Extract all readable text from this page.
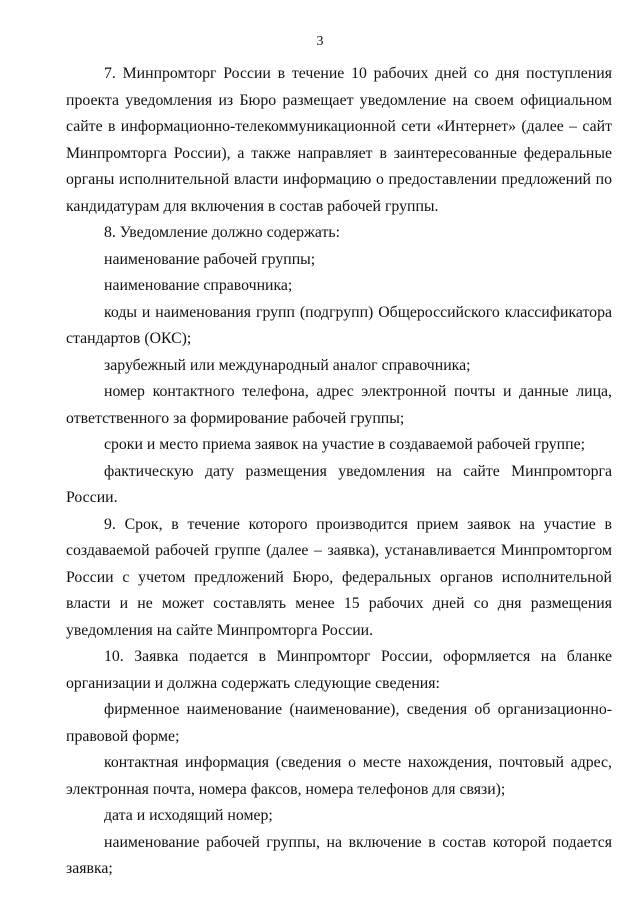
3

7. Минпромторг России в течение 10 рабочих дней со дня поступления проекта уведомления из Бюро размещает уведомление на своем официальном сайте в информационно-телекоммуникационной сети «Интернет» (далее – сайт Минпромторга России), а также направляет в заинтересованные федеральные органы исполнительной власти информацию о предоставлении предложений по кандидатурам для включения в состав рабочей группы.

8. Уведомление должно содержать:

наименование рабочей группы;

наименование справочника;

коды и наименования групп (подгрупп) Общероссийского классификатора стандартов (ОКС);

зарубежный или международный аналог справочника;

номер контактного телефона, адрес электронной почты и данные лица, ответственного за формирование рабочей группы;

сроки и место приема заявок на участие в создаваемой рабочей группе;

фактическую дату размещения уведомления на сайте Минпромторга России.

9. Срок, в течение которого производится прием заявок на участие в создаваемой рабочей группе (далее – заявка), устанавливается Минпромторгом России с учетом предложений Бюро, федеральных органов исполнительной власти и не может составлять менее 15 рабочих дней со дня размещения уведомления на сайте Минпромторга России.

10. Заявка подается в Минпромторг России, оформляется на бланке организации и должна содержать следующие сведения:

фирменное наименование (наименование), сведения об организационно-правовой форме;

контактная информация (сведения о месте нахождения, почтовый адрес, электронная почта, номера факсов, номера телефонов для связи);

дата и исходящий номер;

наименование рабочей группы, на включение в состав которой подается заявка;
